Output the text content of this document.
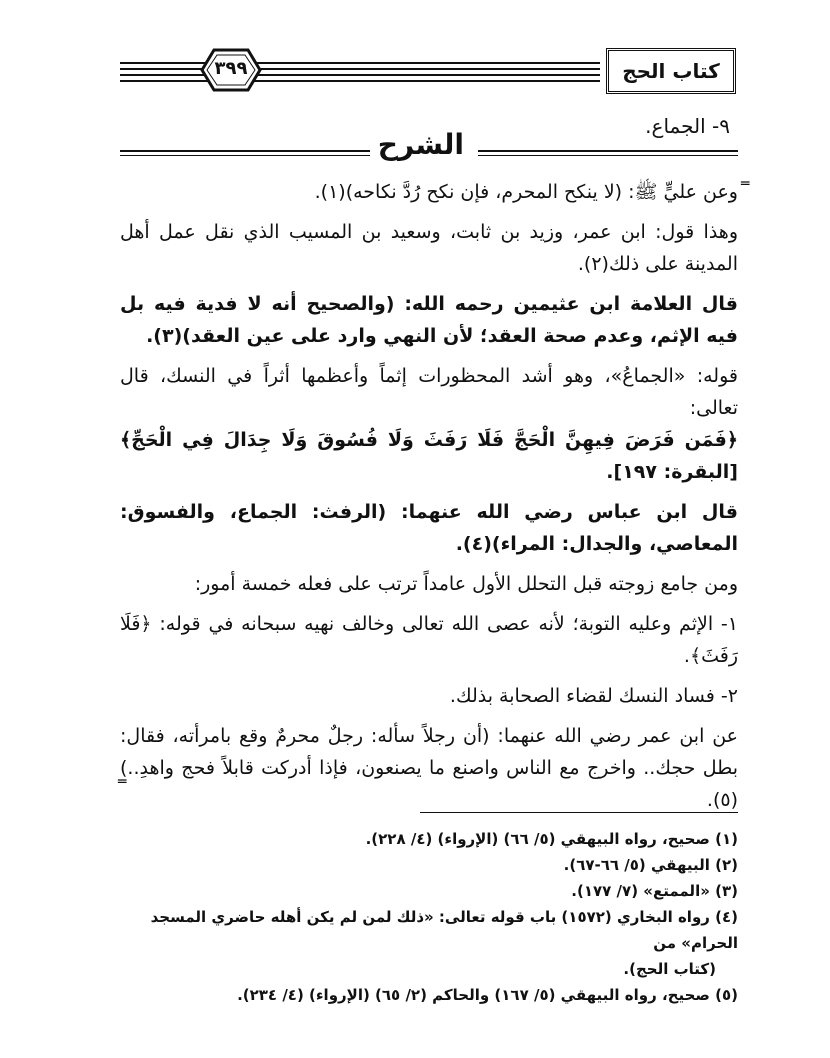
٣٩٩	كتاب الحج
٩- الجماع.
الشرح
═
═

وعن عليٍّ ﷺ: (لا ينكح المحرم، فإن نكح رُدَّ نكاحه)(١).

وهذا قول: ابن عمر، وزيد بن ثابت، وسعيد بن المسيب الذي نقل عمل أهل المدينة على ذلك(٢).

قال العلامة ابن عثيمين رحمه الله: (والصحيح أنه لا فدية فيه بل فيه الإثم، وعدم صحة العقد؛ لأن النهي وارد على عين العقد)(٣).

قوله: «الجماعُ»، وهو أشد المحظورات إثماً وأعظمها أثراً في النسك، قال تعالى:

﴿فَمَن فَرَضَ فِيهِنَّ الْحَجَّ فَلَا رَفَثَ وَلَا فُسُوقَ وَلَا جِدَالَ فِي الْحَجِّ﴾ [البقرة: ١٩٧].

قال ابن عباس رضي الله عنهما: (الرفث: الجماع، والفسوق: المعاصي، والجدال: المراء)(٤).

ومن جامع زوجته قبل التحلل الأول عامداً ترتب على فعله خمسة أمور:

١- الإثم وعليه التوبة؛ لأنه عصى الله تعالى وخالف نهيه سبحانه في قوله: ﴿فَلَا رَفَثَ﴾.

٢- فساد النسك لقضاء الصحابة بذلك.

عن ابن عمر رضي الله عنهما: (أن رجلاً سأله: رجلٌ محرمٌ وقع بامرأته، فقال: بطل حجك.. واخرج مع الناس واصنع ما يصنعون، فإذا أدركت قابلاً فحج واهدِ..)(٥).

(١) صحيح، رواه البيهقي (٥/ ٦٦) (الإرواء) (٤/ ٢٢٨).
(٢) البيهقي (٥/ ٦٦-٦٧).
(٣) «الممتع» (٧/ ١٧٧).
(٤) رواه البخاري (١٥٧٢) باب قوله تعالى: «ذلك لمن لم يكن أهله حاضري المسجد الحرام» من
(كتاب الحج).
(٥) صحيح، رواه البيهقي (٥/ ١٦٧) والحاكم (٢/ ٦٥) (الإرواء) (٤/ ٢٣٤).
